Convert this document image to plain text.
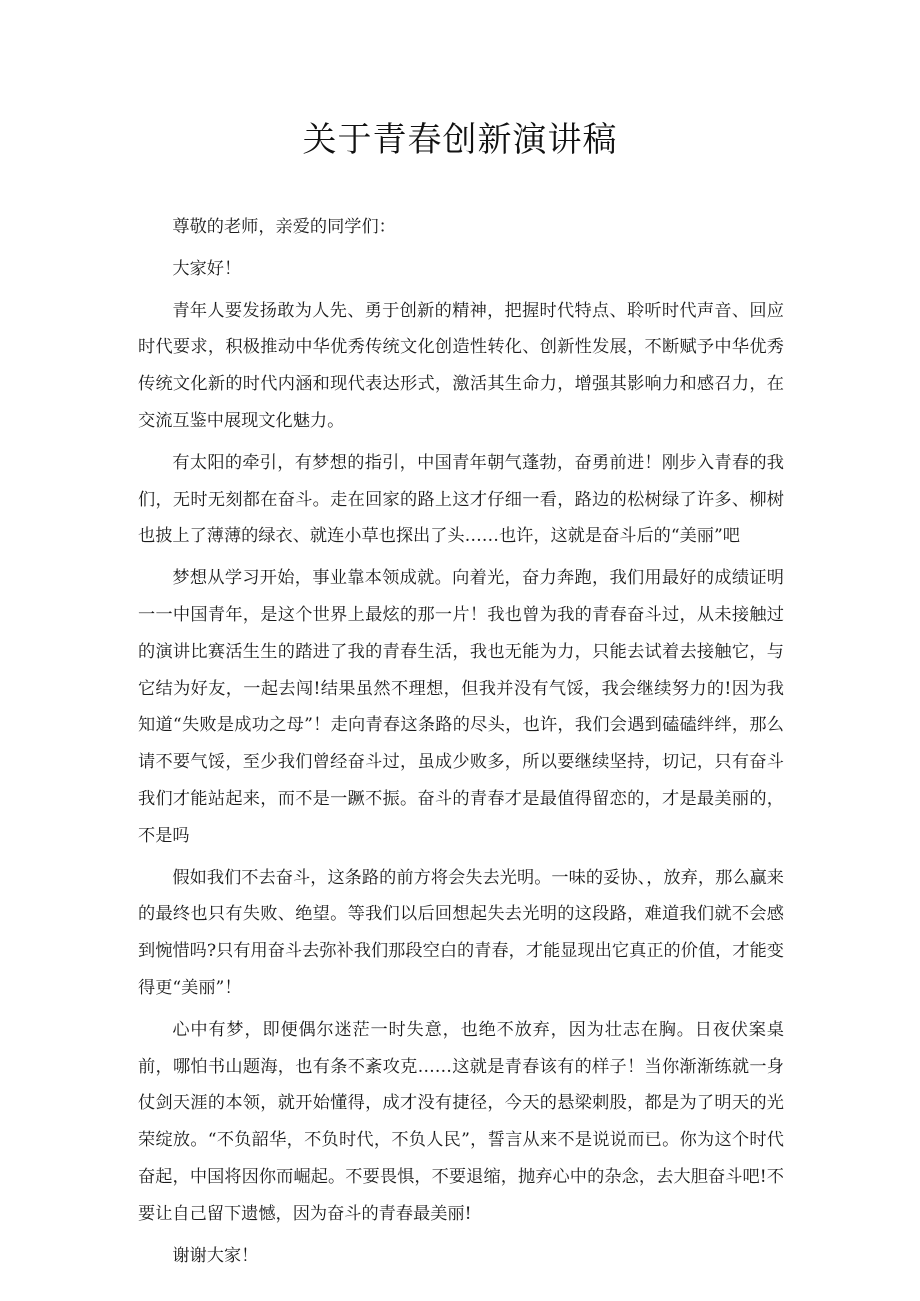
关于青春创新演讲稿

尊敬的老师，亲爱的同学们：

大家好！

青年人要发扬敢为人先、勇于创新的精神，把握时代特点、聆听时代声音、回应时代要求，积极推动中华优秀传统文化创造性转化、创新性发展，不断赋予中华优秀传统文化新的时代内涵和现代表达形式，激活其生命力，增强其影响力和感召力，在交流互鉴中展现文化魅力。

有太阳的牵引，有梦想的指引，中国青年朝气蓬勃，奋勇前进！刚步入青春的我们，无时无刻都在奋斗。走在回家的路上这才仔细一看，路边的松树绿了许多、柳树也披上了薄薄的绿衣、就连小草也探出了头……也许，这就是奋斗后的“美丽”吧

梦想从学习开始，事业靠本领成就。向着光，奋力奔跑，我们用最好的成绩证明一一中国青年，是这个世界上最炫的那一片！我也曾为我的青春奋斗过，从未接触过的演讲比赛活生生的踏进了我的青春生活，我也无能为力，只能去试着去接触它，与它结为好友，一起去闯!结果虽然不理想，但我并没有气馁，我会继续努力的!因为我知道“失败是成功之母”！走向青春这条路的尽头，也许，我们会遇到磕磕绊绊，那么请不要气馁，至少我们曾经奋斗过，虽成少败多，所以要继续坚持，切记，只有奋斗我们才能站起来，而不是一蹶不振。奋斗的青春才是最值得留恋的，才是最美丽的，不是吗

假如我们不去奋斗，这条路的前方将会失去光明。一味的妥协、，放弃，那么赢来的最终也只有失败、绝望。等我们以后回想起失去光明的这段路，难道我们就不会感到惋惜吗?只有用奋斗去弥补我们那段空白的青春，才能显现出它真正的价值，才能变得更“美丽”！

心中有梦，即便偶尔迷茫一时失意，也绝不放弃，因为壮志在胸。日夜伏案桌前，哪怕书山题海，也有条不紊攻克……这就是青春该有的样子！当你渐渐练就一身仗剑天涯的本领，就开始懂得，成才没有捷径，今天的悬梁刺股，都是为了明天的光荣绽放。“不负韶华，不负时代，不负人民”，誓言从来不是说说而已。你为这个时代奋起，中国将因你而崛起。不要畏惧，不要退缩，抛弃心中的杂念，去大胆奋斗吧!不要让自己留下遗憾，因为奋斗的青春最美丽!

谢谢大家！
